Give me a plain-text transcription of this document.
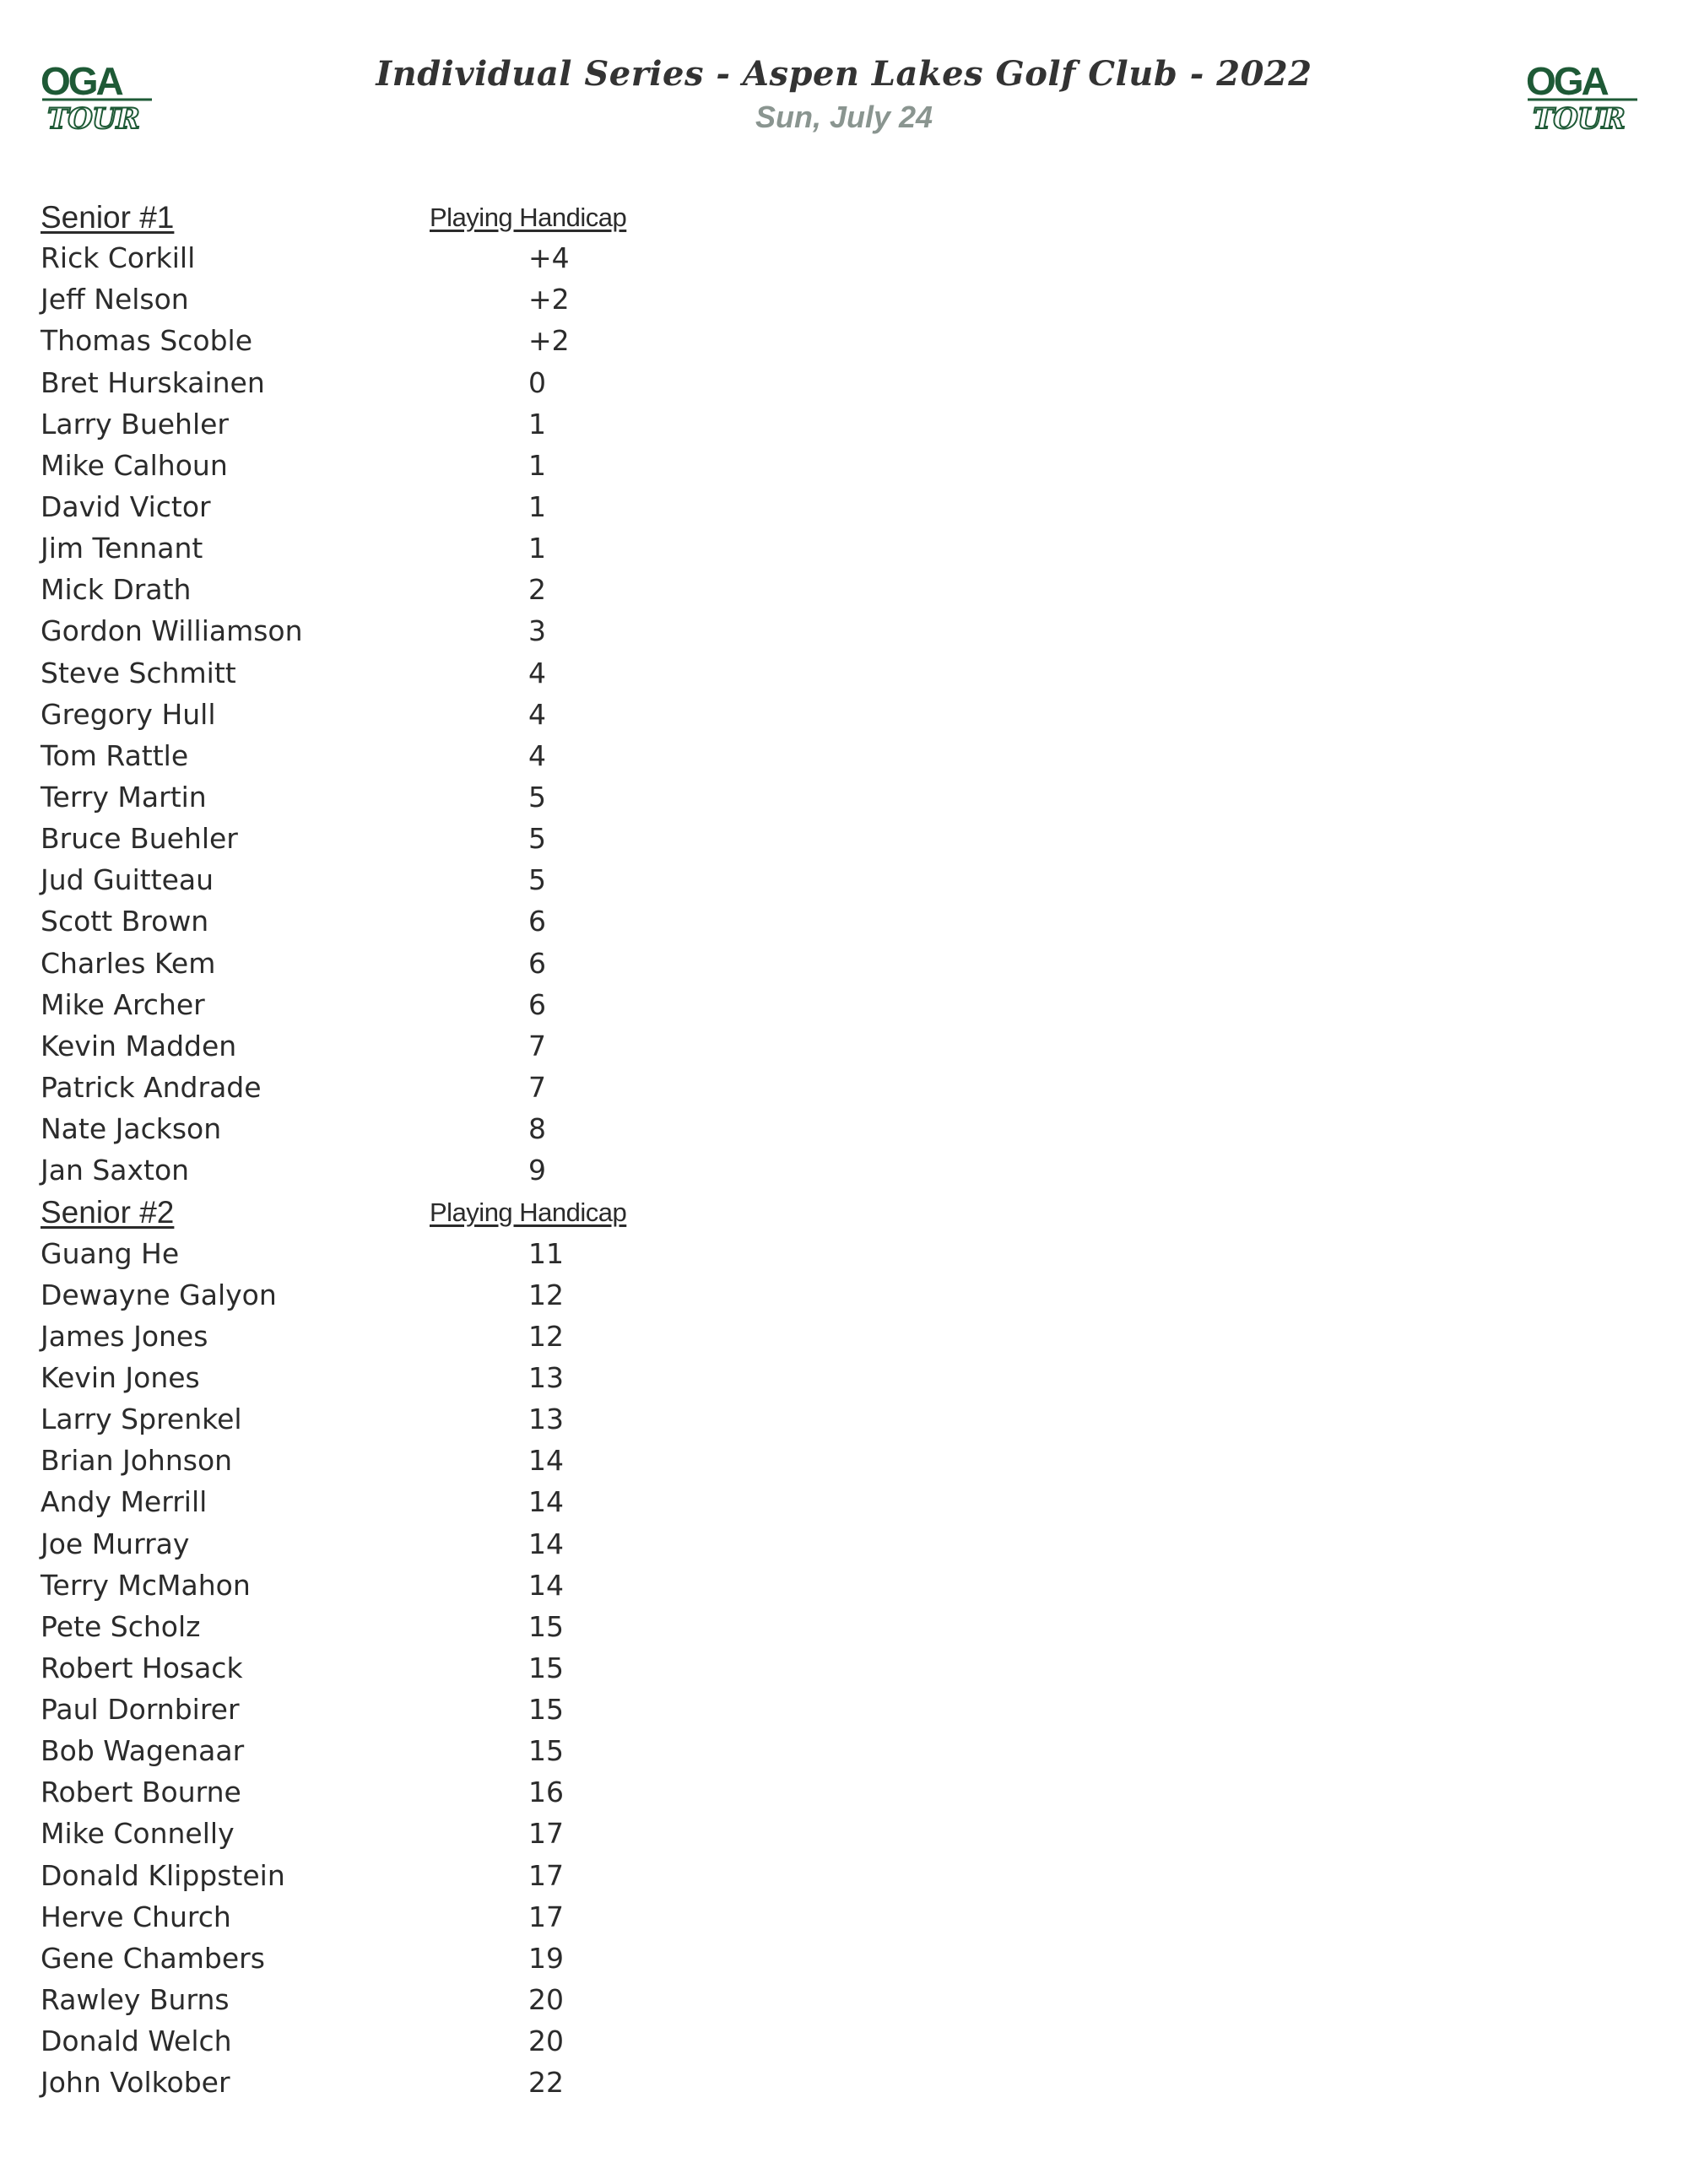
OGA
TOUR
OGA
TOUR
Individual Series - Aspen Lakes Golf Club - 2022
Sun, July 24
Senior #1	Playing Handicap
Rick Corkill	+4
Jeff Nelson	+2
Thomas Scoble	+2
Bret Hurskainen	0
Larry Buehler	1
Mike Calhoun	1
David Victor	1
Jim Tennant	1
Mick Drath	2
Gordon Williamson	3
Steve Schmitt	4
Gregory Hull	4
Tom Rattle	4
Terry Martin	5
Bruce Buehler	5
Jud Guitteau	5
Scott Brown	6
Charles Kem	6
Mike Archer	6
Kevin Madden	7
Patrick Andrade	7
Nate Jackson	8
Jan Saxton	9
Senior #2	Playing Handicap
Guang He	11
Dewayne Galyon	12
James Jones	12
Kevin Jones	13
Larry Sprenkel	13
Brian Johnson	14
Andy Merrill	14
Joe Murray	14
Terry McMahon	14
Pete Scholz	15
Robert Hosack	15
Paul Dornbirer	15
Bob Wagenaar	15
Robert Bourne	16
Mike Connelly	17
Donald Klippstein	17
Herve Church	17
Gene Chambers	19
Rawley Burns	20
Donald Welch	20
John Volkober	22
